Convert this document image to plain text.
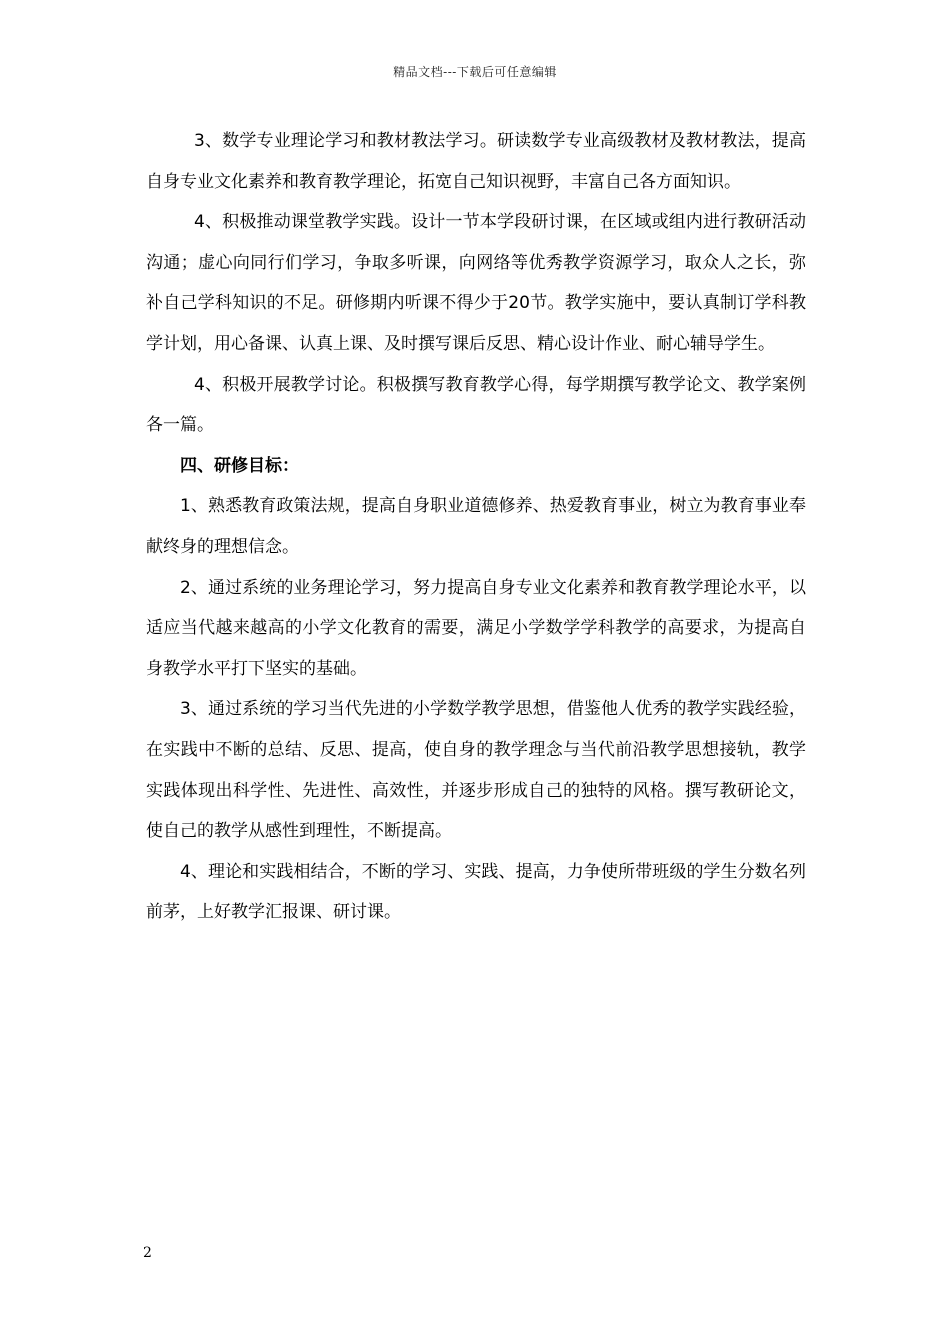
精品文档---下载后可任意编辑

3、数学专业理论学习和教材教法学习。研读数学专业高级教材及教材教法，提高自身专业文化素养和教育教学理论，拓宽自己知识视野，丰富自己各方面知识。

4、积极推动课堂教学实践。设计一节本学段研讨课，在区域或组内进行教研活动沟通；虚心向同行们学习，争取多听课，向网络等优秀教学资源学习，取众人之长，弥补自己学科知识的不足。研修期内听课不得少于20节。教学实施中，要认真制订学科教学计划，用心备课、认真上课、及时撰写课后反思、精心设计作业、耐心辅导学生。

4、积极开展教学讨论。积极撰写教育教学心得，每学期撰写教学论文、教学案例各一篇。

四、研修目标：

1、熟悉教育政策法规，提高自身职业道德修养、热爱教育事业，树立为教育事业奉献终身的理想信念。

2、通过系统的业务理论学习，努力提高自身专业文化素养和教育教学理论水平，以适应当代越来越高的小学文化教育的需要，满足小学数学学科教学的高要求，为提高自身教学水平打下坚实的基础。

3、通过系统的学习当代先进的小学数学教学思想，借鉴他人优秀的教学实践经验，在实践中不断的总结、反思、提高，使自身的教学理念与当代前沿教学思想接轨，教学实践体现出科学性、先进性、高效性，并逐步形成自己的独特的风格。撰写教研论文，使自己的教学从感性到理性，不断提高。

4、理论和实践相结合，不断的学习、实践、提高，力争使所带班级的学生分数名列前茅，上好教学汇报课、研讨课。

2
